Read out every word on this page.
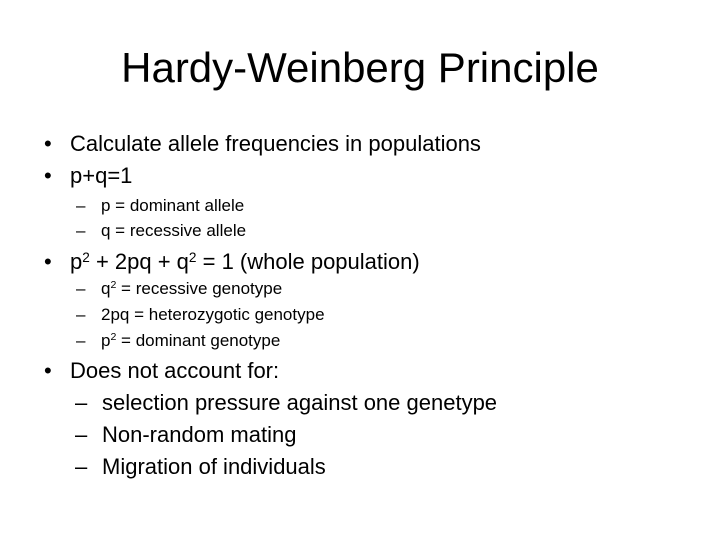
Hardy-Weinberg Principle
• Calculate allele frequencies in populations
• p+q=1
– p = dominant allele
– q = recessive allele
• $p^2 + 2pq + q^2 = 1$ (whole population)
– $q^2$ = recessive genotype
– 2pq = heterozygotic genotype
– $p^2$ = dominant genotype
• Does not account for:
– selection pressure against one genetype
– Non-random mating
– Migration of individuals
